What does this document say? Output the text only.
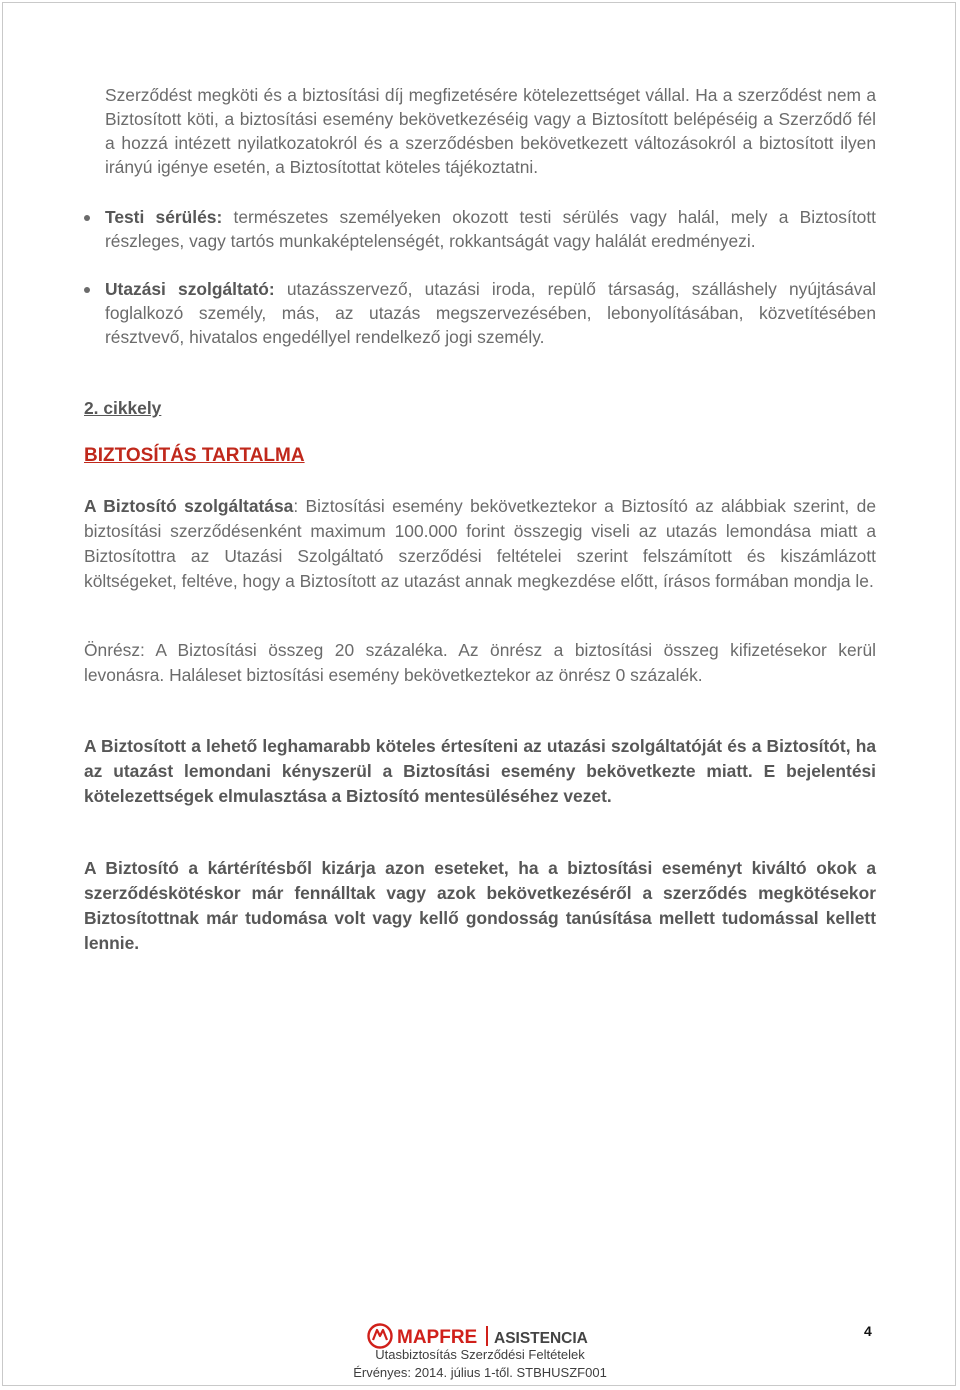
Szerződést megköti és a biztosítási díj megfizetésére kötelezettséget vállal. Ha a szerződést nem a Biztosított köti, a biztosítási esemény bekövetkezéséig vagy a Biztosított belépéséig a Szerződő fél a hozzá intézett nyilatkozatokról és a szerződésben bekövetkezett változásokról a biztosított ilyen irányú igénye esetén, a Biztosítottat köteles tájékoztatni.

Testi sérülés: természetes személyeken okozott testi sérülés vagy halál, mely a Biztosított részleges, vagy tartós munkaképtelenségét, rokkantságát vagy halálát eredményezi.
Utazási szolgáltató: utazásszervező, utazási iroda, repülő társaság, szálláshely nyújtásával foglalkozó személy, más, az utazás megszervezésében, lebonyolításában, közvetítésében résztvevő, hivatalos engedéllyel rendelkező jogi személy.
2. cikkely
BIZTOSÍTÁS TARTALMA

A Biztosító szolgáltatása: Biztosítási esemény bekövetkeztekor a Biztosító az alábbiak szerint, de biztosítási szerződésenként maximum 100.000 forint összegig viseli az utazás lemondása miatt a Biztosítottra az Utazási Szolgáltató szerződési feltételei szerint felszámított és kiszámlázott költségeket, feltéve, hogy a Biztosított az utazást annak megkezdése előtt, írásos formában mondja le.

Önrész: A Biztosítási összeg 20 százaléka. Az önrész a biztosítási összeg kifizetésekor kerül levonásra. Haláleset biztosítási esemény bekövetkeztekor az önrész 0 százalék.

A Biztosított a lehető leghamarabb köteles értesíteni az utazási szolgáltatóját és a Biztosítót, ha az utazást lemondani kényszerül a Biztosítási esemény bekövetkezte miatt. E bejelentési kötelezettségek elmulasztása a Biztosító mentesüléséhez vezet.

A Biztosító a kártérítésből kizárja azon eseteket, ha a biztosítási eseményt kiváltó okok a szerződéskötéskor már fennálltak vagy azok bekövetkezéséről a szerződés megkötésekor Biztosítottnak már tudomása volt vagy kellő gondosság tanúsítása mellett tudomással kellett lennie.

MAPFRE ASISTENCIA
Utasbiztosítás Szerződési Feltételek
Érvényes: 2014. július 1-től. STBHUSZF001
4
